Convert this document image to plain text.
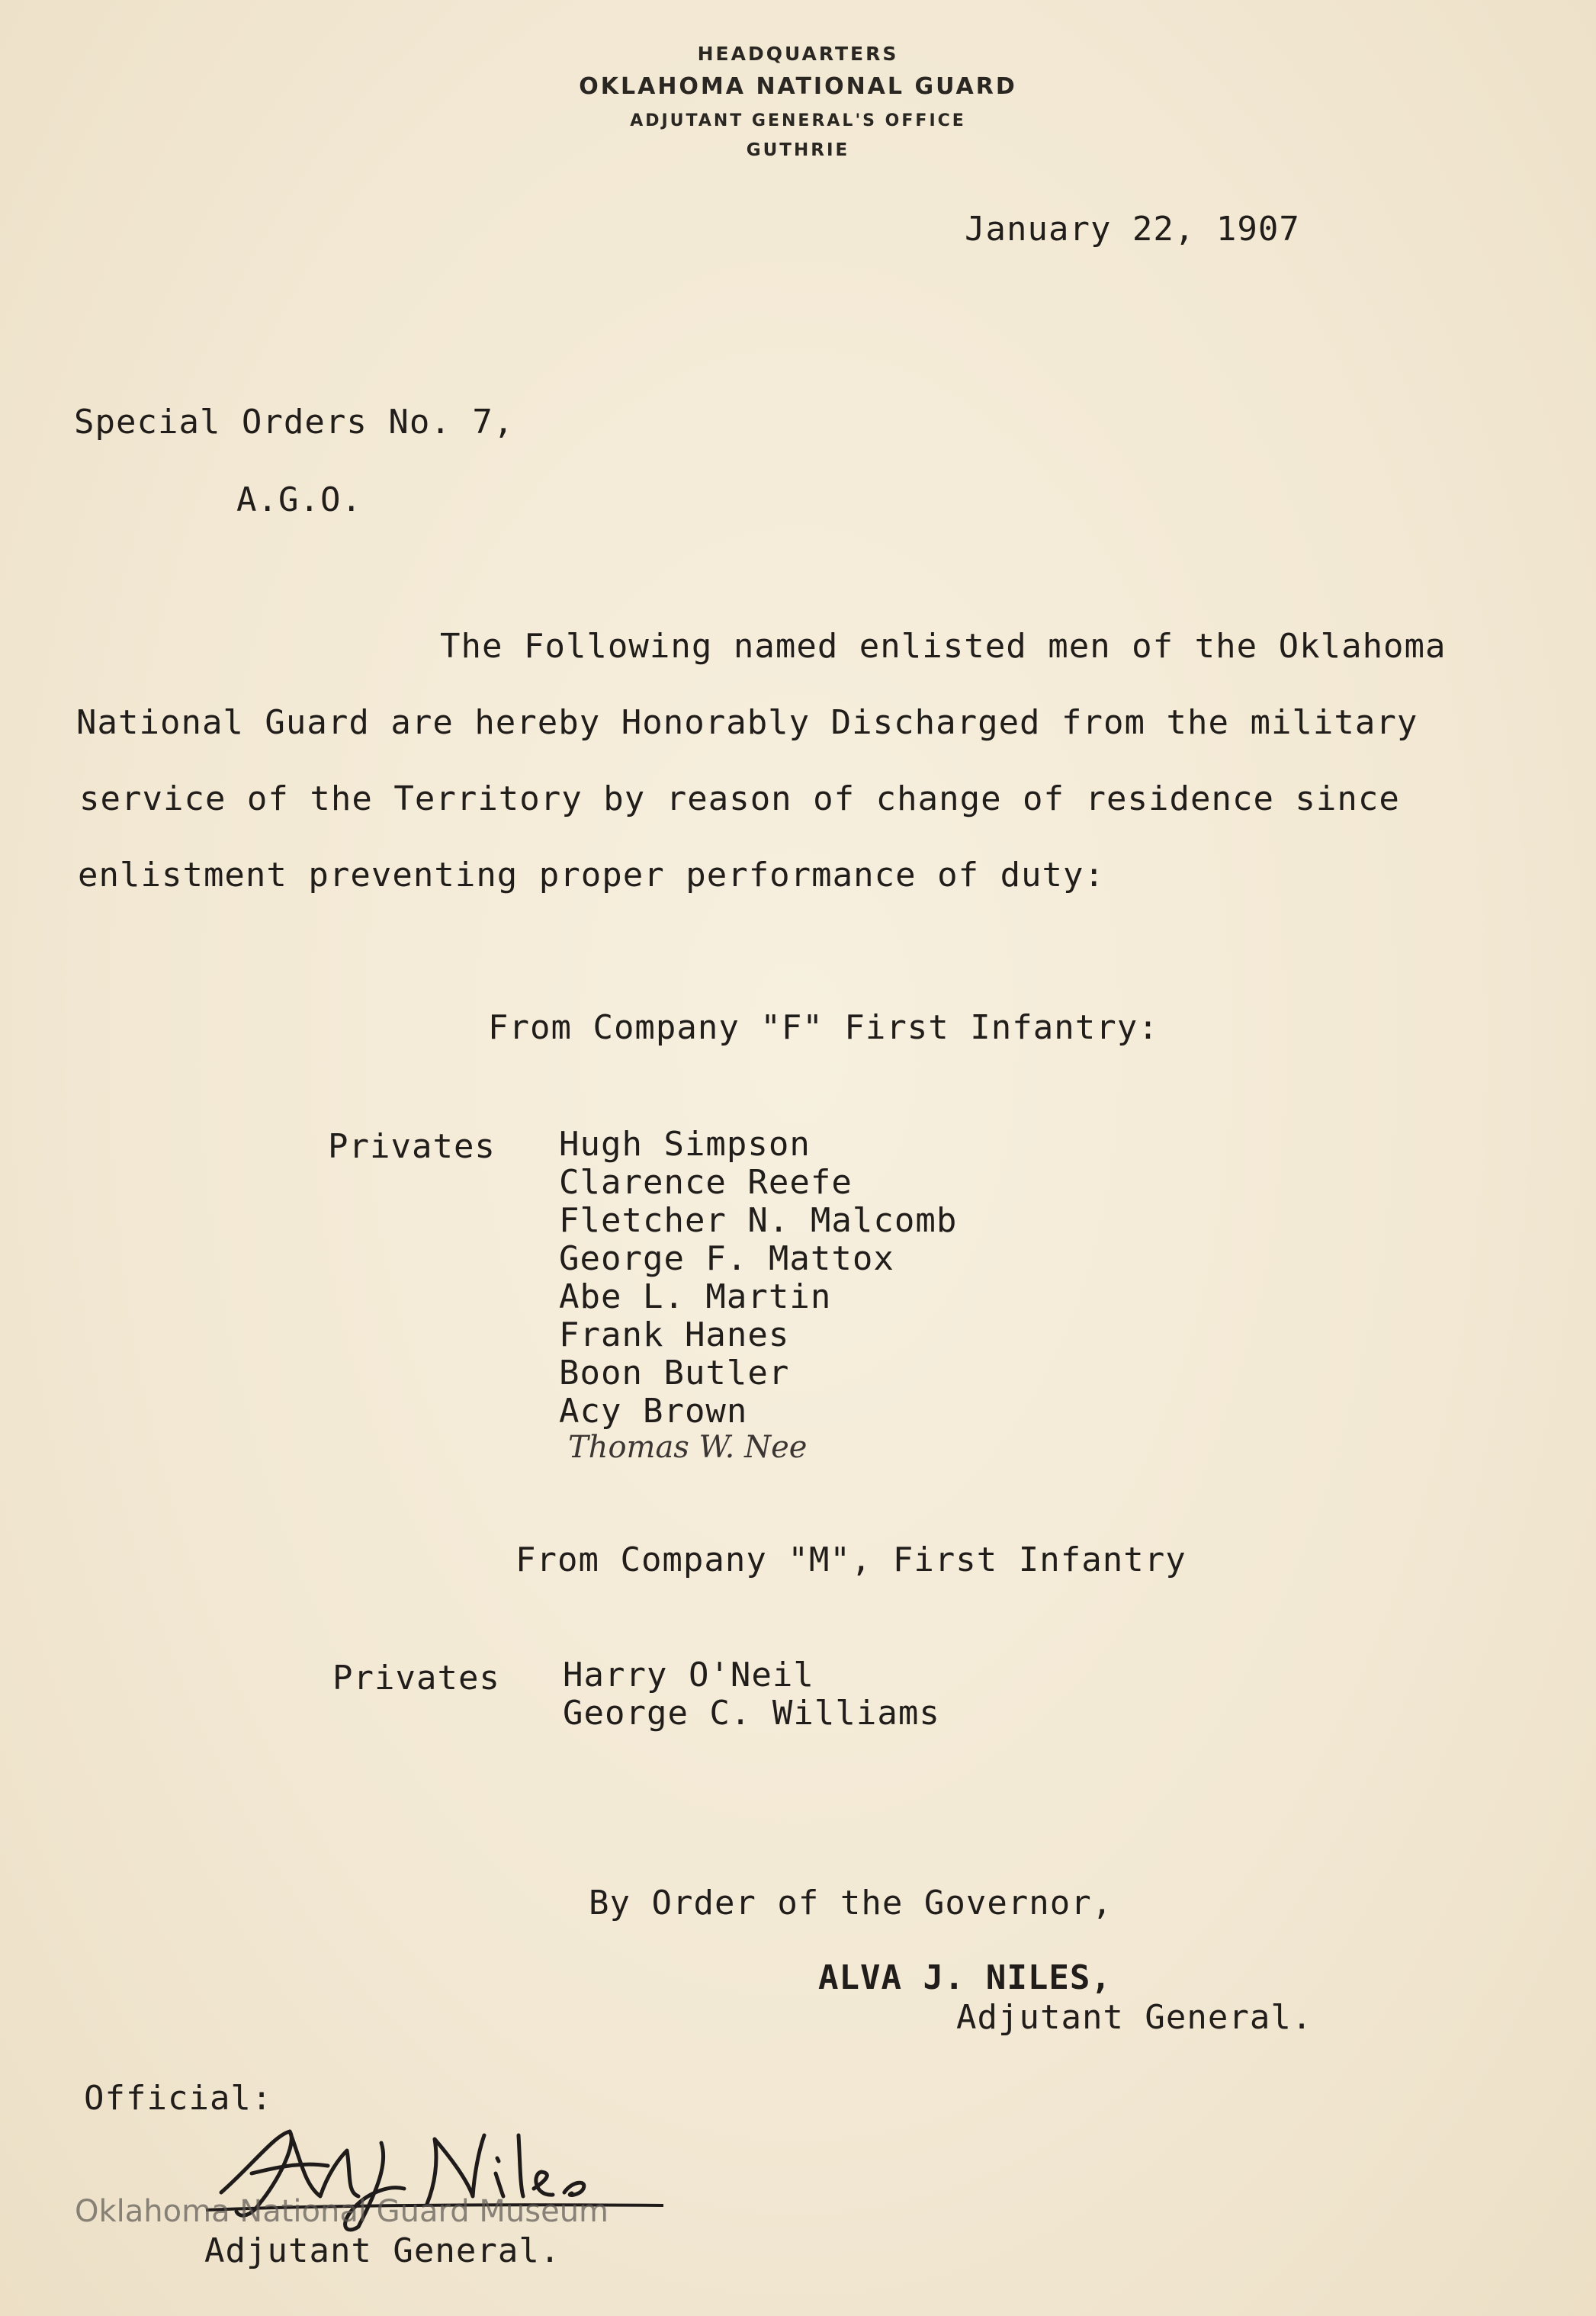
HEADQUARTERS
OKLAHOMA NATIONAL GUARD
ADJUTANT GENERAL'S OFFICE
GUTHRIE
January 22, 1907
Special Orders No. 7,
A.G.O.
The Following named enlisted men of the Oklahoma
National Guard are hereby Honorably Discharged from the military
service of the Territory by reason of change of residence since
enlistment preventing proper performance of duty:
From Company "F" First Infantry:
Privates Hugh Simpson
Clarence Reefe
Fletcher N. Malcomb
George F. Mattox
Abe L. Martin
Frank Hanes
Boon Butler
Acy Brown
Thomas W. Nee
From Company "M", First Infantry
Privates Harry O'Neil
George C. Williams
By Order of the Governor,
ALVA J. NILES,
Adjutant General.
Official:
Oklahoma National Guard Museum
Adjutant General.
